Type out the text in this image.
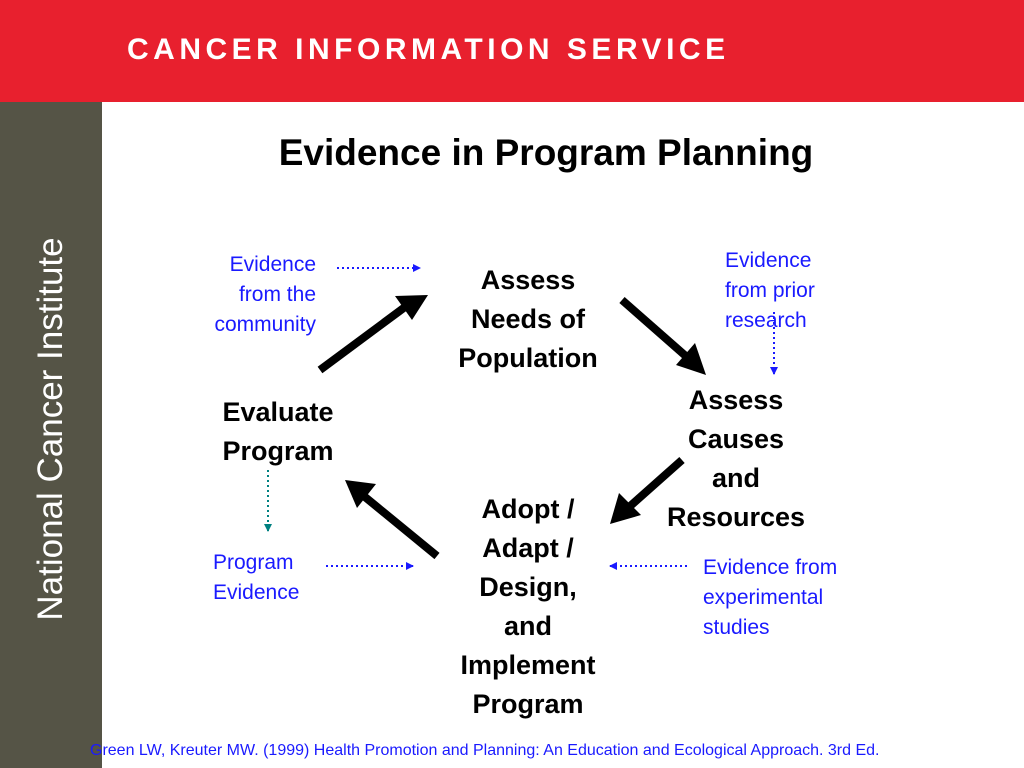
CANCER INFORMATION SERVICE
National Cancer Institute
Evidence in Program Planning
Assess
Needs of
Population
Assess
Causes
and
Resources
Adopt /
Adapt /
Design,
and
Implement
Program
Evaluate
Program
Evidence
from the
community
Evidence
from prior
research
Evidence from
experimental
studies
Program
Evidence
Green LW, Kreuter MW. (1999) Health Promotion and Planning: An Education and Ecological Approach. 3rd Ed.
